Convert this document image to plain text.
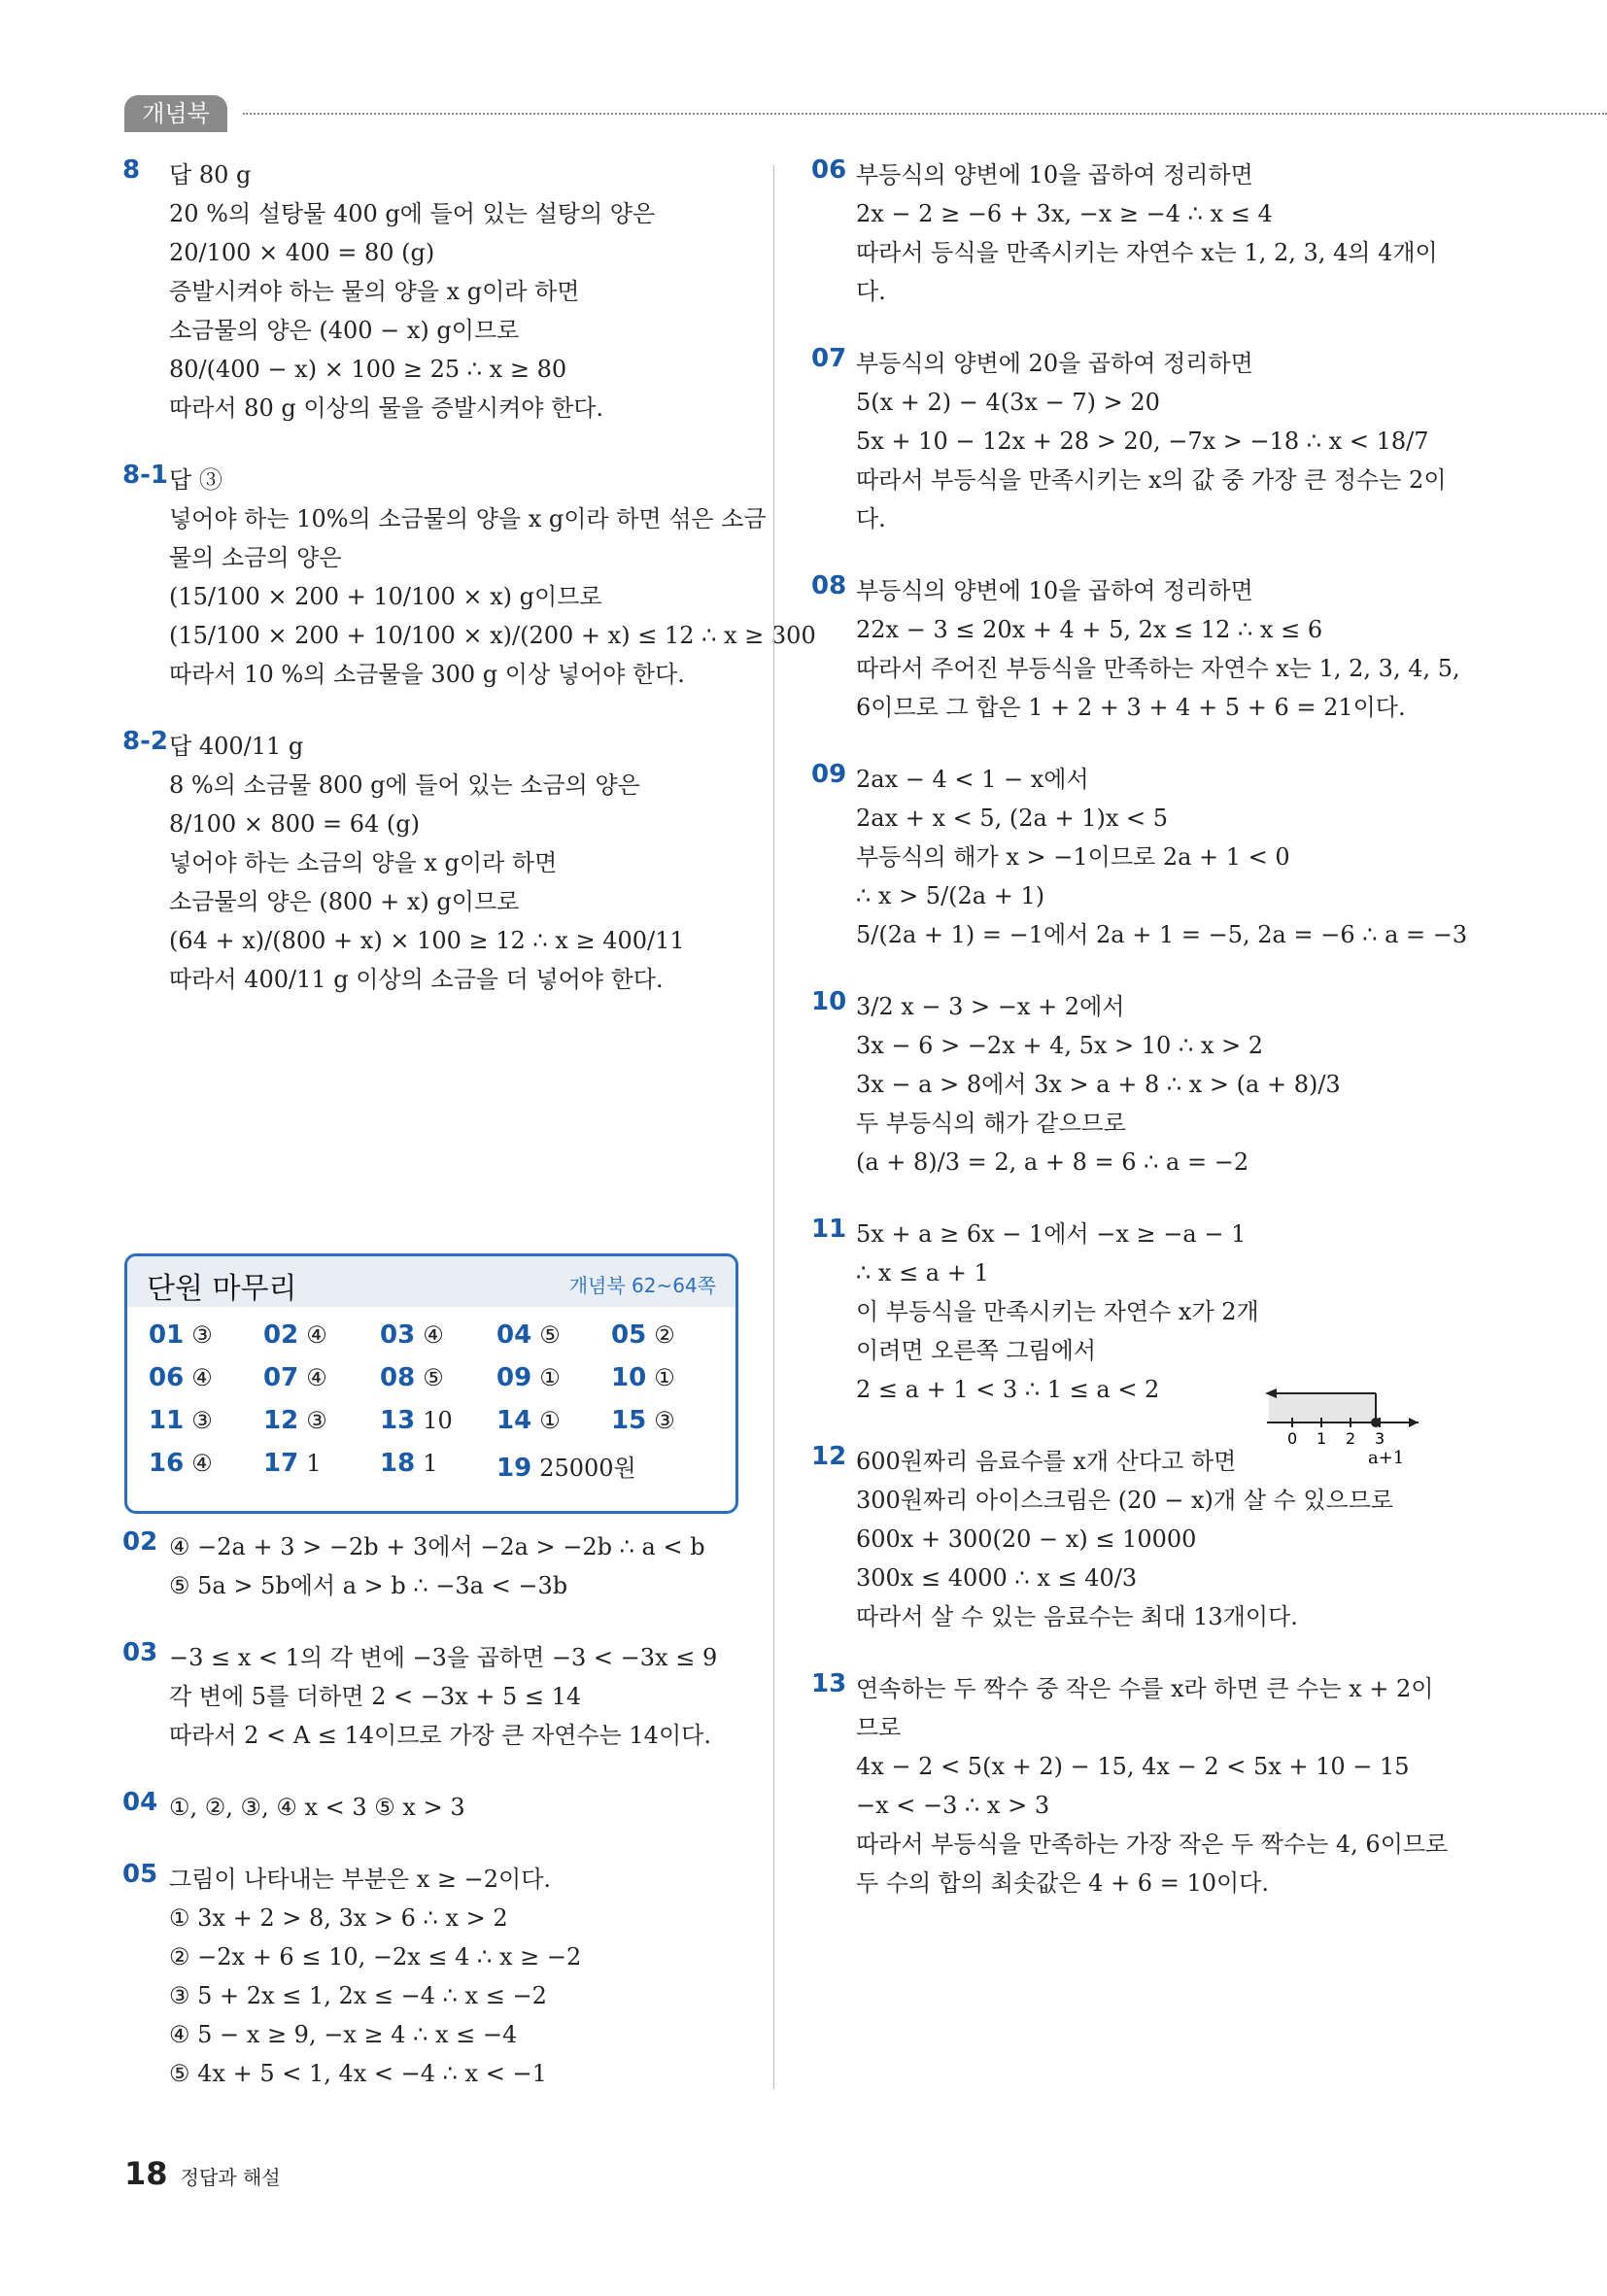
개념북
8 답 80 g
20 %의 설탕물 400 g에 들어 있는 설탕의 양은
20/100 × 400 = 80 (g)
증발시켜야 하는 물의 양을 x g이라 하면
소금물의 양은 (400 − x) g이므로
80/(400 − x) × 100 ≥ 25 ∴ x ≥ 80
따라서 80 g 이상의 물을 증발시켜야 한다.
8-1 답 ③
넣어야 하는 10%의 소금물의 양을 x g이라 하면 섞은 소금
물의 소금의 양은
(15/100 × 200 + 10/100 × x) g이므로
(15/100 × 200 + 10/100 × x)/(200 + x) ≤ 12 ∴ x ≥ 300
따라서 10 %의 소금물을 300 g 이상 넣어야 한다.
8-2 답 400/11 g
8 %의 소금물 800 g에 들어 있는 소금의 양은
8/100 × 800 = 64 (g)
넣어야 하는 소금의 양을 x g이라 하면
소금물의 양은 (800 + x) g이므로
(64 + x)/(800 + x) × 100 ≥ 12 ∴ x ≥ 400/11
따라서 400/11 g 이상의 소금을 더 넣어야 한다.
단원 마무리	개념북 62~64쪽
01 ③	02 ④	03 ④	04 ⑤	05 ②
06 ④	07 ④	08 ⑤	09 ①	10 ①
11 ③	12 ③	13 10	14 ①	15 ③
16 ④	17 1	18 1	19 25000원
02 ④ −2a + 3 > −2b + 3에서 −2a > −2b ∴ a < b
⑤ 5a > 5b에서 a > b ∴ −3a < −3b
03 −3 ≤ x < 1의 각 변에 −3을 곱하면 −3 < −3x ≤ 9
각 변에 5를 더하면 2 < −3x + 5 ≤ 14
따라서 2 < A ≤ 14이므로 가장 큰 자연수는 14이다.
04 ①, ②, ③, ④ x < 3 ⑤ x > 3
05 그림이 나타내는 부분은 x ≥ −2이다.
① 3x + 2 > 8, 3x > 6 ∴ x > 2
② −2x + 6 ≤ 10, −2x ≤ 4 ∴ x ≥ −2
③ 5 + 2x ≤ 1, 2x ≤ −4 ∴ x ≤ −2
④ 5 − x ≥ 9, −x ≥ 4 ∴ x ≤ −4
⑤ 4x + 5 < 1, 4x < −4 ∴ x < −1
06 부등식의 양변에 10을 곱하여 정리하면
2x − 2 ≥ −6 + 3x, −x ≥ −4 ∴ x ≤ 4
따라서 등식을 만족시키는 자연수 x는 1, 2, 3, 4의 4개이
다.
07 부등식의 양변에 20을 곱하여 정리하면
5(x + 2) − 4(3x − 7) > 20
5x + 10 − 12x + 28 > 20, −7x > −18 ∴ x < 18/7
따라서 부등식을 만족시키는 x의 값 중 가장 큰 정수는 2이
다.
08 부등식의 양변에 10을 곱하여 정리하면
22x − 3 ≤ 20x + 4 + 5, 2x ≤ 12 ∴ x ≤ 6
따라서 주어진 부등식을 만족하는 자연수 x는 1, 2, 3, 4, 5,
6이므로 그 합은 1 + 2 + 3 + 4 + 5 + 6 = 21이다.
09 2ax − 4 < 1 − x에서
2ax + x < 5, (2a + 1)x < 5
부등식의 해가 x > −1이므로 2a + 1 < 0
∴ x > 5/(2a + 1)
5/(2a + 1) = −1에서 2a + 1 = −5, 2a = −6 ∴ a = −3
10 3/2 x − 3 > −x + 2에서
3x − 6 > −2x + 4, 5x > 10 ∴ x > 2
3x − a > 8에서 3x > a + 8 ∴ x > (a + 8)/3
두 부등식의 해가 같으므로
(a + 8)/3 = 2, a + 8 = 6 ∴ a = −2
11 5x + a ≥ 6x − 1에서 −x ≥ −a − 1
∴ x ≤ a + 1
이 부등식을 만족시키는 자연수 x가 2개
이려면 오른쪽 그림에서
2 ≤ a + 1 < 3 ∴ 1 ≤ a < 2
12 600원짜리 음료수를 x개 산다고 하면
300원짜리 아이스크림은 (20 − x)개 살 수 있으므로
600x + 300(20 − x) ≤ 10000
300x ≤ 4000 ∴ x ≤ 40/3
따라서 살 수 있는 음료수는 최대 13개이다.
13 연속하는 두 짝수 중 작은 수를 x라 하면 큰 수는 x + 2이
므로
4x − 2 < 5(x + 2) − 15, 4x − 2 < 5x + 10 − 15
−x < −3 ∴ x > 3
따라서 부등식을 만족하는 가장 작은 두 짝수는 4, 6이므로
두 수의 합의 최솟값은 4 + 6 = 10이다.
0 1 2 3
a+1
18 정답과 해설
